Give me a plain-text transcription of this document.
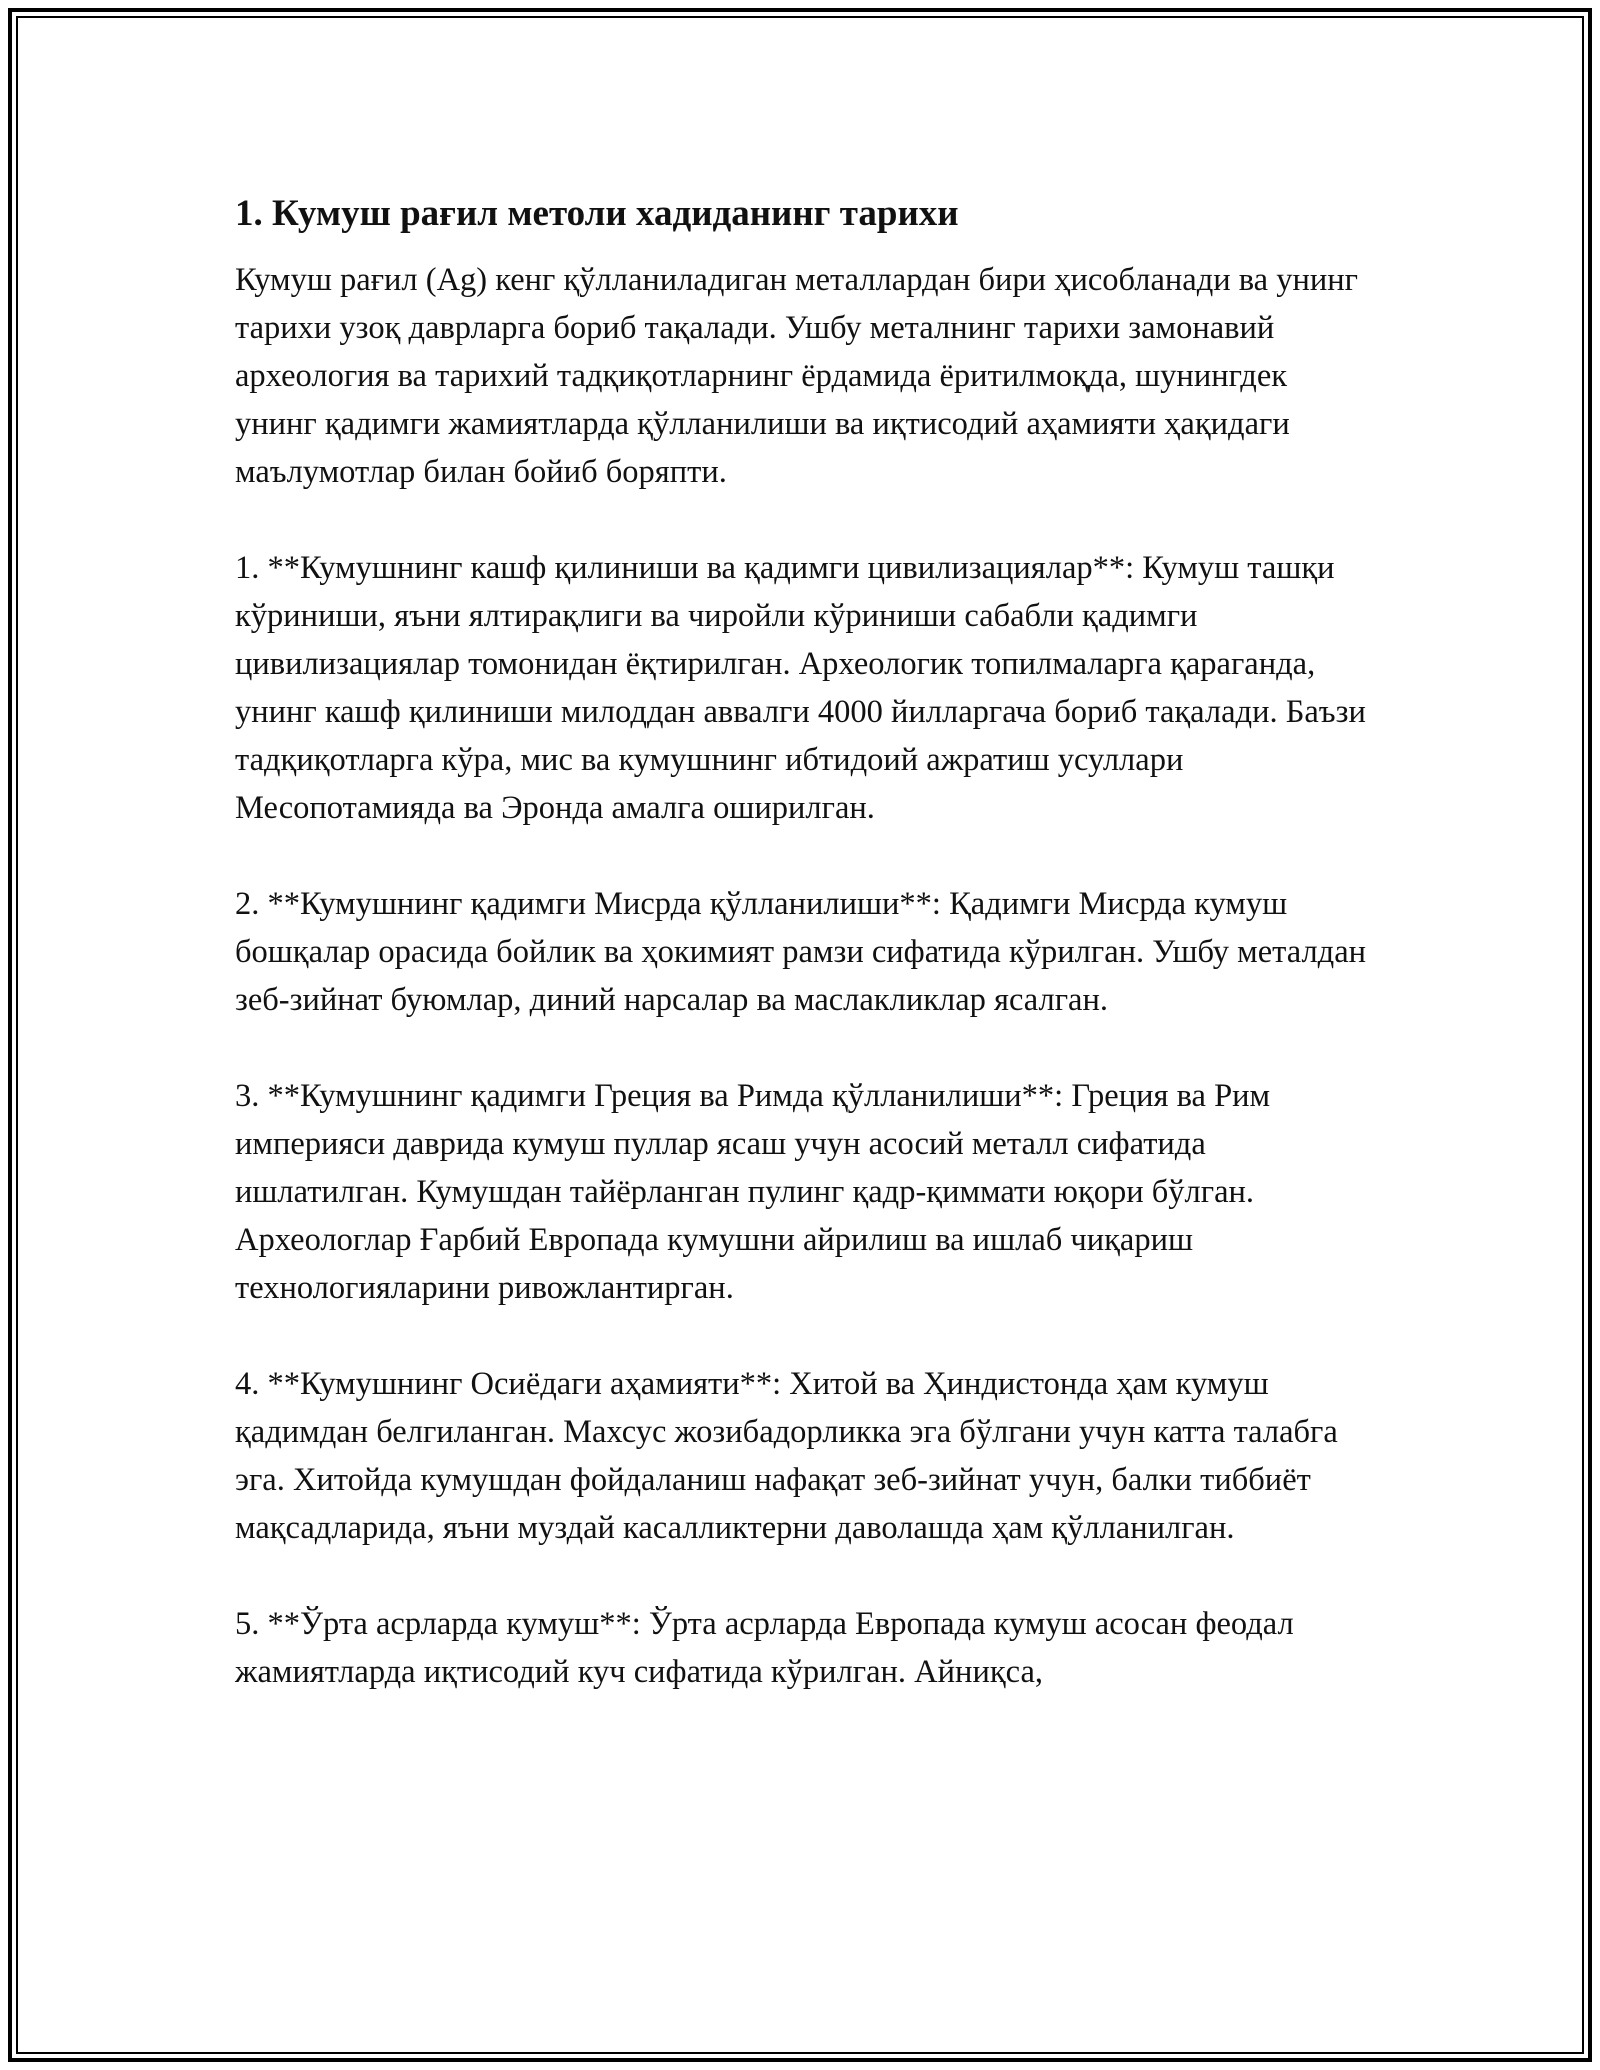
1. Кумуш рағил метоли хадиданинг тарихи

Кумуш рағил (Ag) кенг қўлланиладиган металлардан бири ҳисобланади ва унинг тарихи узоқ даврларга бориб тақалади. Ушбу металнинг тарихи замонавий археология ва тарихий тадқиқотларнинг ёрдамида ёритилмоқда, шунингдек унинг қадимги жамиятларда қўлланилиши ва иқтисодий аҳамияти ҳақидаги маълумотлар билан бойиб боряпти.

1. **Кумушнинг кашф қилиниши ва қадимги цивилизациялар**: Кумуш ташқи кўриниши, яъни ялтирақлиги ва чиройли кўриниши сабабли қадимги цивилизациялар томонидан ёқтирилган. Археологик топилмаларга қараганда, унинг кашф қилиниши милоддан аввалги 4000 йилларгача бориб тақалади. Баъзи тадқиқотларга кўра, мис ва кумушнинг ибтидоий ажратиш усуллари Месопотамияда ва Эронда амалга оширилган.

2. **Кумушнинг қадимги Мисрда қўлланилиши**: Қадимги Мисрда кумуш бошқалар орасида бойлик ва ҳокимият рамзи сифатида кўрилган. Ушбу металдан зеб-зийнат буюмлар, диний нарсалар ва маслакликлар ясалган.

3. **Кумушнинг қадимги Греция ва Римда қўлланилиши**: Греция ва Рим империяси даврида кумуш пуллар ясаш учун асосий металл сифатида ишлатилган. Кумушдан тайёрланган пулинг қадр-қиммати юқори бўлган. Археологлар Ғарбий Европада кумушни айрилиш ва ишлаб чиқариш технологияларини ривожлантирган.

4. **Кумушнинг Осиёдаги аҳамияти**: Хитой ва Ҳиндистонда ҳам кумуш қадимдан белгиланган. Махсус жозибадорликка эга бўлгани учун катта талабга эга. Хитойда кумушдан фойдаланиш нафақат зеб-зийнат учун, балки тиббиёт мақсадларида, яъни муздай касалликтерни даволашда ҳам қўлланилган.

5. **Ўрта асрларда кумуш**: Ўрта асрларда Европада кумуш асосан феодал жамиятларда иқтисодий куч сифатида кўрилган. Айниқса,
